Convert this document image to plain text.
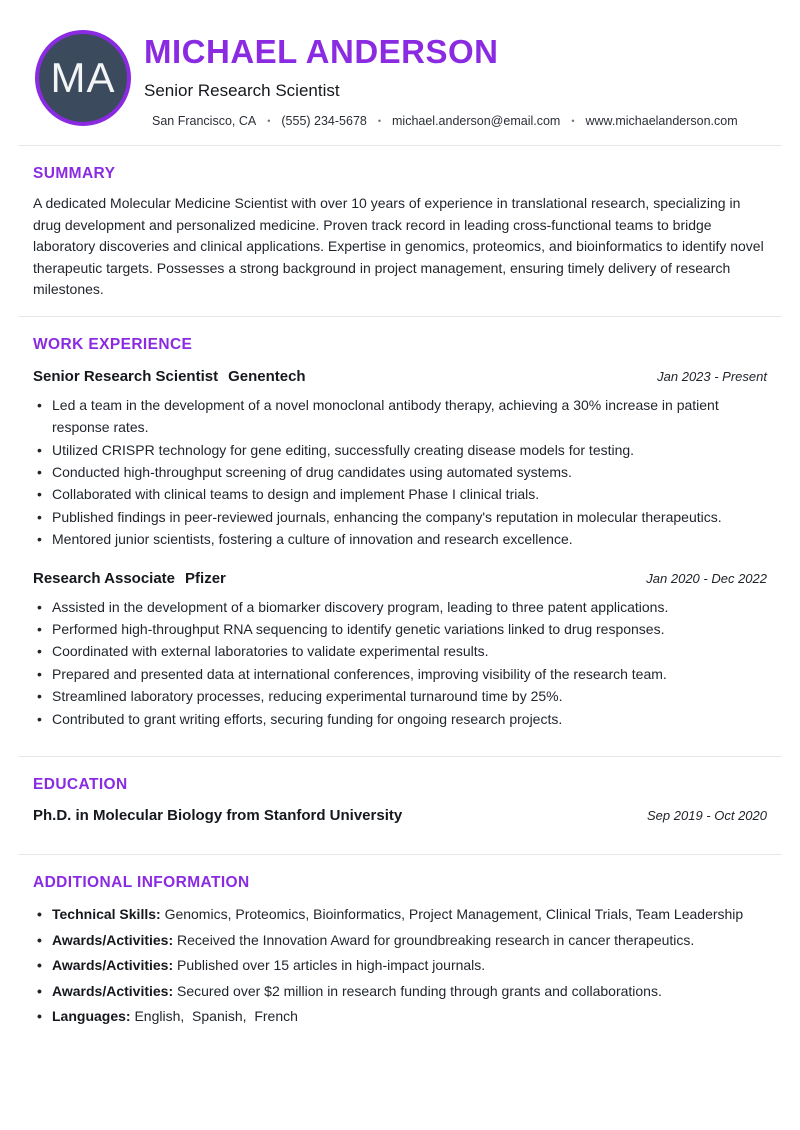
MA
MICHAEL ANDERSON
Senior Research Scientist
San Francisco, CA • (555) 234-5678 • michael.anderson@email.com • www.michaelanderson.com
SUMMARY

A dedicated Molecular Medicine Scientist with over 10 years of experience in translational research, specializing in drug development and personalized medicine. Proven track record in leading cross-functional teams to bridge laboratory discoveries and clinical applications. Expertise in genomics, proteomics, and bioinformatics to identify novel therapeutic targets. Possesses a strong background in project management, ensuring timely delivery of research milestones.

WORK EXPERIENCE
Senior Research Scientist Genentech	Jan 2023 - Present
• Led a team in the development of a novel monoclonal antibody therapy, achieving a 30% increase in patient response rates.
• Utilized CRISPR technology for gene editing, successfully creating disease models for testing.
• Conducted high-throughput screening of drug candidates using automated systems.
• Collaborated with clinical teams to design and implement Phase I clinical trials.
• Published findings in peer-reviewed journals, enhancing the company's reputation in molecular therapeutics.
• Mentored junior scientists, fostering a culture of innovation and research excellence.
Research Associate Pfizer	Jan 2020 - Dec 2022
• Assisted in the development of a biomarker discovery program, leading to three patent applications.
• Performed high-throughput RNA sequencing to identify genetic variations linked to drug responses.
• Coordinated with external laboratories to validate experimental results.
• Prepared and presented data at international conferences, improving visibility of the research team.
• Streamlined laboratory processes, reducing experimental turnaround time by 25%.
• Contributed to grant writing efforts, securing funding for ongoing research projects.
EDUCATION
Ph.D. in Molecular Biology from Stanford University	Sep 2019 - Oct 2020
ADDITIONAL INFORMATION
• Technical Skills: Genomics, Proteomics, Bioinformatics, Project Management, Clinical Trials, Team Leadership
• Awards/Activities: Received the Innovation Award for groundbreaking research in cancer therapeutics.
• Awards/Activities: Published over 15 articles in high-impact journals.
• Awards/Activities: Secured over $2 million in research funding through grants and collaborations.
• Languages: English,  Spanish,  French
